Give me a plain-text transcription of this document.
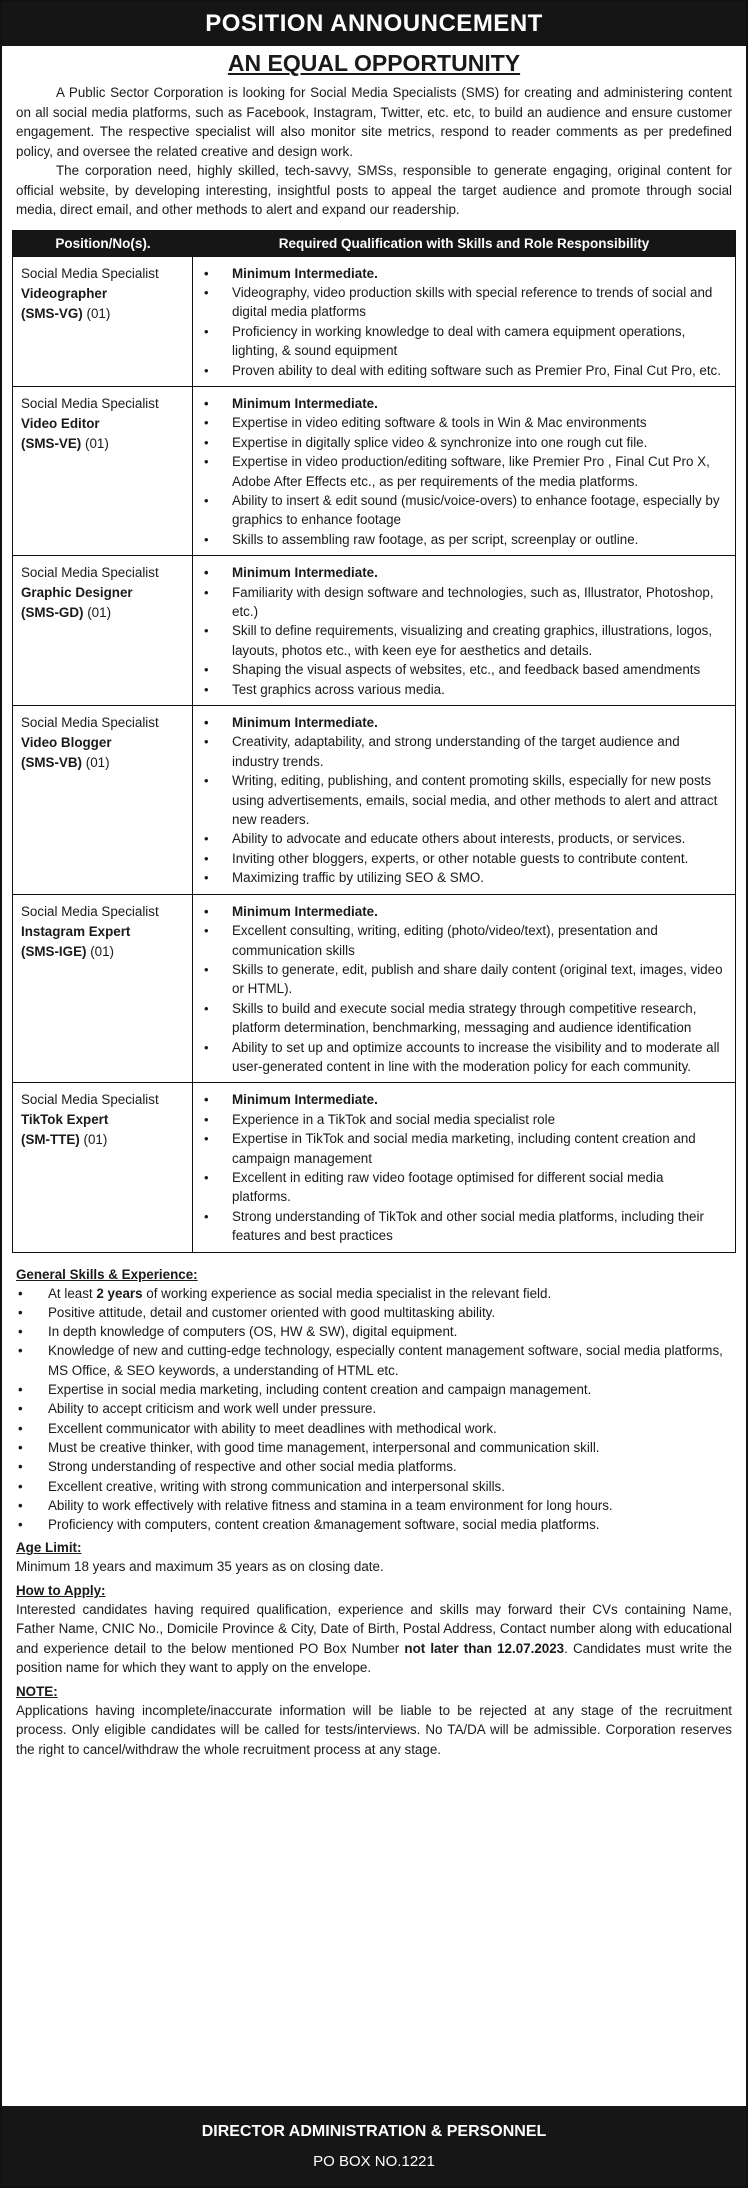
POSITION ANNOUNCEMENT
AN EQUAL OPPORTUNITY

A Public Sector Corporation is looking for Social Media Specialists (SMS) for creating and administering content on all social media platforms, such as Facebook, Instagram, Twitter, etc. etc, to build an audience and ensure customer engagement. The respective specialist will also monitor site metrics, respond to reader comments as per predefined policy, and oversee the related creative and design work.

The corporation need, highly skilled, tech-savvy, SMSs, responsible to generate engaging, original content for official website, by developing interesting, insightful posts to appeal the target audience and promote through social media, direct email, and other methods to alert and expand our readership.

Position/No(s).	Required Qualification with Skills and Role Responsibility
Social Media Specialist
Videographer
(SMS-VG) (01)
• Minimum Intermediate.
• Videography, video production skills with special reference to trends of social and digital media platforms
• Proficiency in working knowledge to deal with camera equipment operations, lighting, & sound equipment
• Proven ability to deal with editing software such as Premier Pro, Final Cut Pro, etc.
Social Media Specialist
Video Editor
(SMS-VE) (01)
• Minimum Intermediate.
• Expertise in video editing software & tools in Win & Mac environments
• Expertise in digitally splice video & synchronize into one rough cut file.
• Expertise in video production/editing software, like Premier Pro , Final Cut Pro X, Adobe After Effects etc., as per requirements of the media platforms.
• Ability to insert & edit sound (music/voice-overs) to enhance footage, especially by graphics to enhance footage
• Skills to assembling raw footage, as per script, screenplay or outline.
Social Media Specialist
Graphic Designer
(SMS-GD) (01)
• Minimum Intermediate.
• Familiarity with design software and technologies, such as, Illustrator, Photoshop, etc.)
• Skill to define requirements, visualizing and creating graphics, illustrations, logos, layouts, photos etc., with keen eye for aesthetics and details.
• Shaping the visual aspects of websites, etc., and feedback based amendments
• Test graphics across various media.
Social Media Specialist
Video Blogger
(SMS-VB) (01)
• Minimum Intermediate.
• Creativity, adaptability, and strong understanding of the target audience and industry trends.
• Writing, editing, publishing, and content promoting skills, especially for new posts using advertisements, emails, social media, and other methods to alert and attract new readers.
• Ability to advocate and educate others about interests, products, or services.
• Inviting other bloggers, experts, or other notable guests to contribute content.
• Maximizing traffic by utilizing SEO & SMO.
Social Media Specialist
Instagram Expert
(SMS-IGE) (01)
• Minimum Intermediate.
• Excellent consulting, writing, editing (photo/video/text), presentation and communication skills
• Skills to generate, edit, publish and share daily content (original text, images, video or HTML).
• Skills to build and execute social media strategy through competitive research, platform determination, benchmarking, messaging and audience identification
• Ability to set up and optimize accounts to increase the visibility and to moderate all user-generated content in line with the moderation policy for each community.
Social Media Specialist
TikTok Expert
(SM-TTE) (01)
• Minimum Intermediate.
• Experience in a TikTok and social media specialist role
• Expertise in TikTok and social media marketing, including content creation and campaign management
• Excellent in editing raw video footage optimised for different social media platforms.
• Strong understanding of TikTok and other social media platforms, including their features and best practices
General Skills & Experience:
• At least 2 years of working experience as social media specialist in the relevant field.
• Positive attitude, detail and customer oriented with good multitasking ability.
• In depth knowledge of computers (OS, HW & SW), digital equipment.
• Knowledge of new and cutting-edge technology, especially content management software, social media platforms, MS Office, & SEO keywords, a understanding of HTML etc.
• Expertise in social media marketing, including content creation and campaign management.
• Ability to accept criticism and work well under pressure.
• Excellent communicator with ability to meet deadlines with methodical work.
• Must be creative thinker, with good time management, interpersonal and communication skill.
• Strong understanding of respective and other social media platforms.
• Excellent creative, writing with strong communication and interpersonal skills.
• Ability to work effectively with relative fitness and stamina in a team environment for long hours.
• Proficiency with computers, content creation &management software, social media platforms.
Age Limit:
Minimum 18 years and maximum 35 years as on closing date.
How to Apply:
Interested candidates having required qualification, experience and skills may forward their CVs containing Name, Father Name, CNIC No., Domicile Province & City, Date of Birth, Postal Address, Contact number along with educational and experience detail to the below mentioned PO Box Number not later than 12.07.2023. Candidates must write the position name for which they want to apply on the envelope.
NOTE:
Applications having incomplete/inaccurate information will be liable to be rejected at any stage of the recruitment process. Only eligible candidates will be called for tests/interviews. No TA/DA will be admissible. Corporation reserves the right to cancel/withdraw the whole recruitment process at any stage.
DIRECTOR ADMINISTRATION & PERSONNEL
PO BOX NO.1221
